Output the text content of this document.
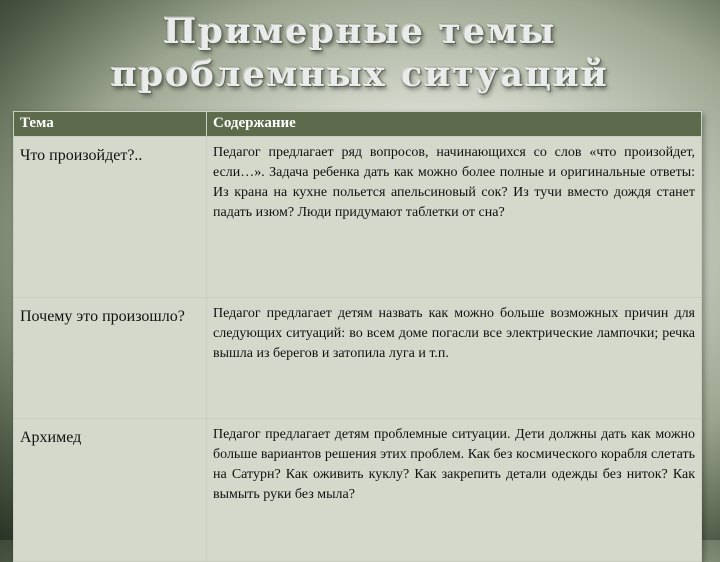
Примерные темы
проблемных ситуаций
Тема	Содержание
Что произойдет?..	Педагог предлагает ряд вопросов, начинающихся со слов «что произойдет, если…». Задача ребенка дать как можно более полные и оригинальные ответы: Из крана на кухне польется апельсиновый сок? Из тучи вместо дождя станет падать изюм? Люди придумают таблетки от сна?
Почему это произошло?	Педагог предлагает детям назвать как можно больше возможных причин для следующих ситуаций: во всем доме погасли все электрические лампочки; речка вышла из берегов и затопила луга и т.п.
Архимед	Педагог предлагает детям проблемные ситуации. Дети должны дать как можно больше вариантов решения этих проблем. Как без космического корабля слетать на Сатурн? Как оживить куклу? Как закрепить детали одежды без ниток? Как вымыть руки без мыла?
